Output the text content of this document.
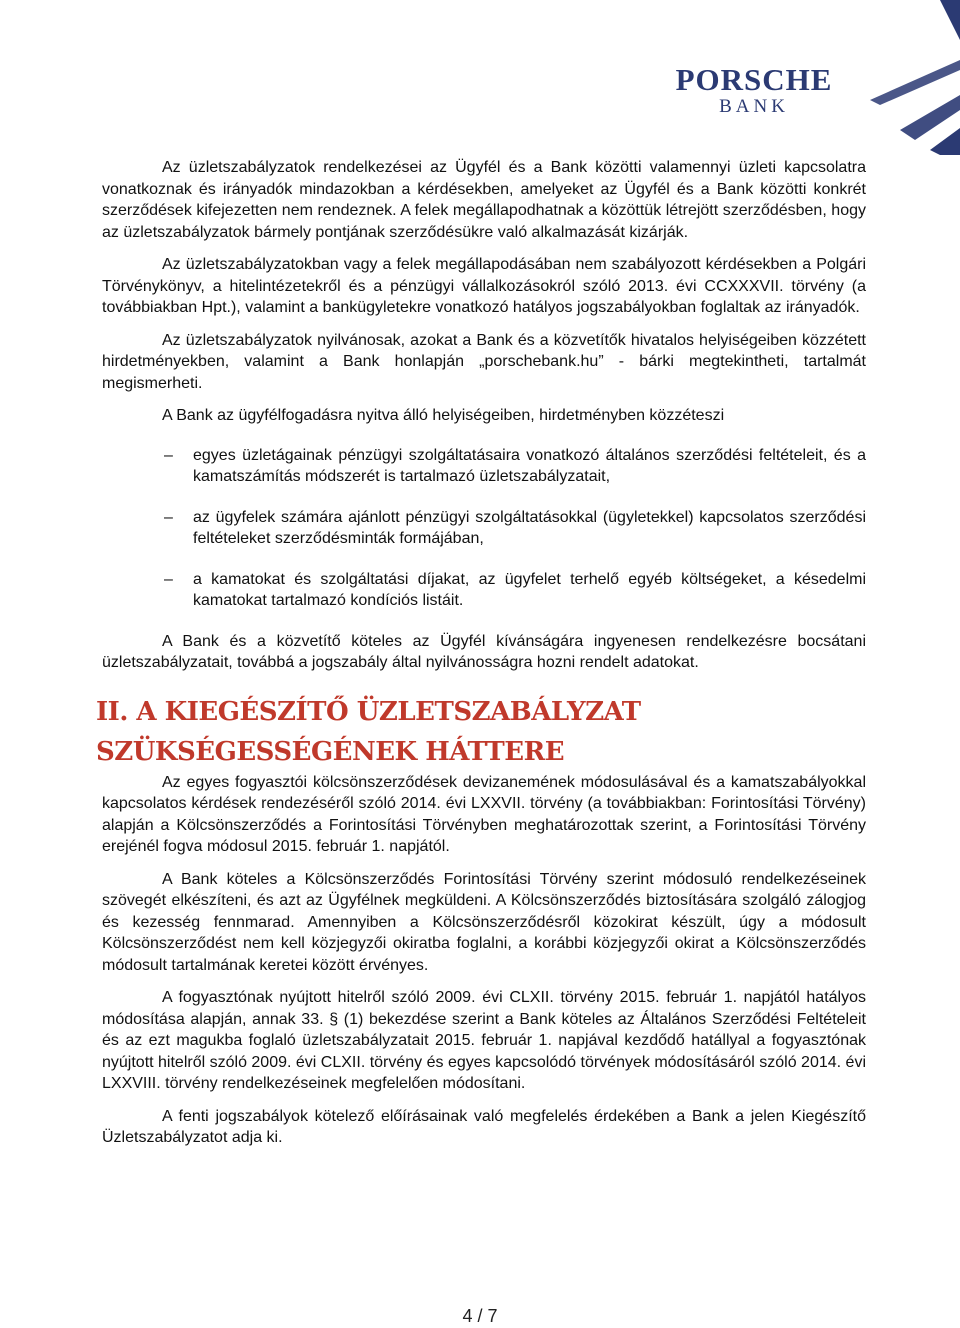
PORSCHE
BANK

Az üzletszabályzatok rendelkezései az Ügyfél és a Bank közötti valamennyi üzleti kapcsolatra vonatkoznak és irányadók mindazokban a kérdésekben, amelyeket az Ügyfél és a Bank közötti konkrét szerződések kifejezetten nem rendeznek. A felek megállapodhatnak a közöttük létrejött szerződésben, hogy az üzletszabályzatok bármely pontjának szerződésükre való alkalmazását kizárják.

Az üzletszabályzatokban vagy a felek megállapodásában nem szabályozott kérdésekben a Polgári Törvénykönyv, a hitelintézetekről és a pénzügyi vállalkozásokról szóló 2013. évi CCXXXVII. törvény (a továbbiakban Hpt.), valamint a bankügyletekre vonatkozó hatályos jogszabályokban foglaltak az irányadók.

Az üzletszabályzatok nyilvánosak, azokat a Bank és a közvetítők hivatalos helyiségeiben közzétett hirdetményekben, valamint a Bank honlapján „porschebank.hu” - bárki megtekintheti, tartalmát megismerheti.

A Bank az ügyfélfogadásra nyitva álló helyiségeiben, hirdetményben közzéteszi

–	egyes üzletágainak pénzügyi szolgáltatásaira vonatkozó általános szerződési feltételeit, és a kamatszámítás módszerét is tartalmazó üzletszabályzatait,
–	az ügyfelek számára ajánlott pénzügyi szolgáltatásokkal (ügyletekkel) kapcsolatos szerződési feltételeket szerződésminták formájában,
–	a kamatokat és szolgáltatási díjakat, az ügyfelet terhelő egyéb költségeket, a késedelmi kamatokat tartalmazó kondíciós listáit.

A Bank és a közvetítő köteles az Ügyfél kívánságára ingyenesen rendelkezésre bocsátani üzletszabályzatait, továbbá a jogszabály által nyilvánosságra hozni rendelt adatokat.

II. A KIEGÉSZÍTŐ ÜZLETSZABÁLYZAT SZÜKSÉGESSÉGÉNEK HÁTTERE

Az egyes fogyasztói kölcsönszerződések devizanemének módosulásával és a kamatszabályokkal kapcsolatos kérdések rendezéséről szóló 2014. évi LXXVII. törvény (a továbbiakban: Forintosítási Törvény) alapján a Kölcsönszerződés a Forintosítási Törvényben meghatározottak szerint, a Forintosítási Törvény erejénél fogva módosul 2015. február 1. napjától.

A Bank köteles a Kölcsönszerződés Forintosítási Törvény szerint módosuló rendelkezéseinek szövegét elkészíteni, és azt az Ügyfélnek megküldeni. A Kölcsönszerződés biztosítására szolgáló zálogjog és kezesség fennmarad. Amennyiben a Kölcsönszerződésről közokirat készült, úgy a módosult Kölcsönszerződést nem kell közjegyzői okiratba foglalni, a korábbi közjegyzői okirat a Kölcsönszerződés módosult tartalmának keretei között érvényes.

A fogyasztónak nyújtott hitelről szóló 2009. évi CLXII. törvény 2015. február 1. napjától hatályos módosítása alapján, annak 33. § (1) bekezdése szerint a Bank köteles az Általános Szerződési Feltételeit és az ezt magukba foglaló üzletszabályzatait 2015. február 1. napjával kezdődő hatállyal a fogyasztónak nyújtott hitelről szóló 2009. évi CLXII. törvény és egyes kapcsolódó törvények módosításáról szóló 2014. évi LXXVIII. törvény rendelkezéseinek megfelelően módosítani.

A fenti jogszabályok kötelező előírásainak való megfelelés érdekében a Bank a jelen Kiegészítő Üzletszabályzatot adja ki.

4 / 7
